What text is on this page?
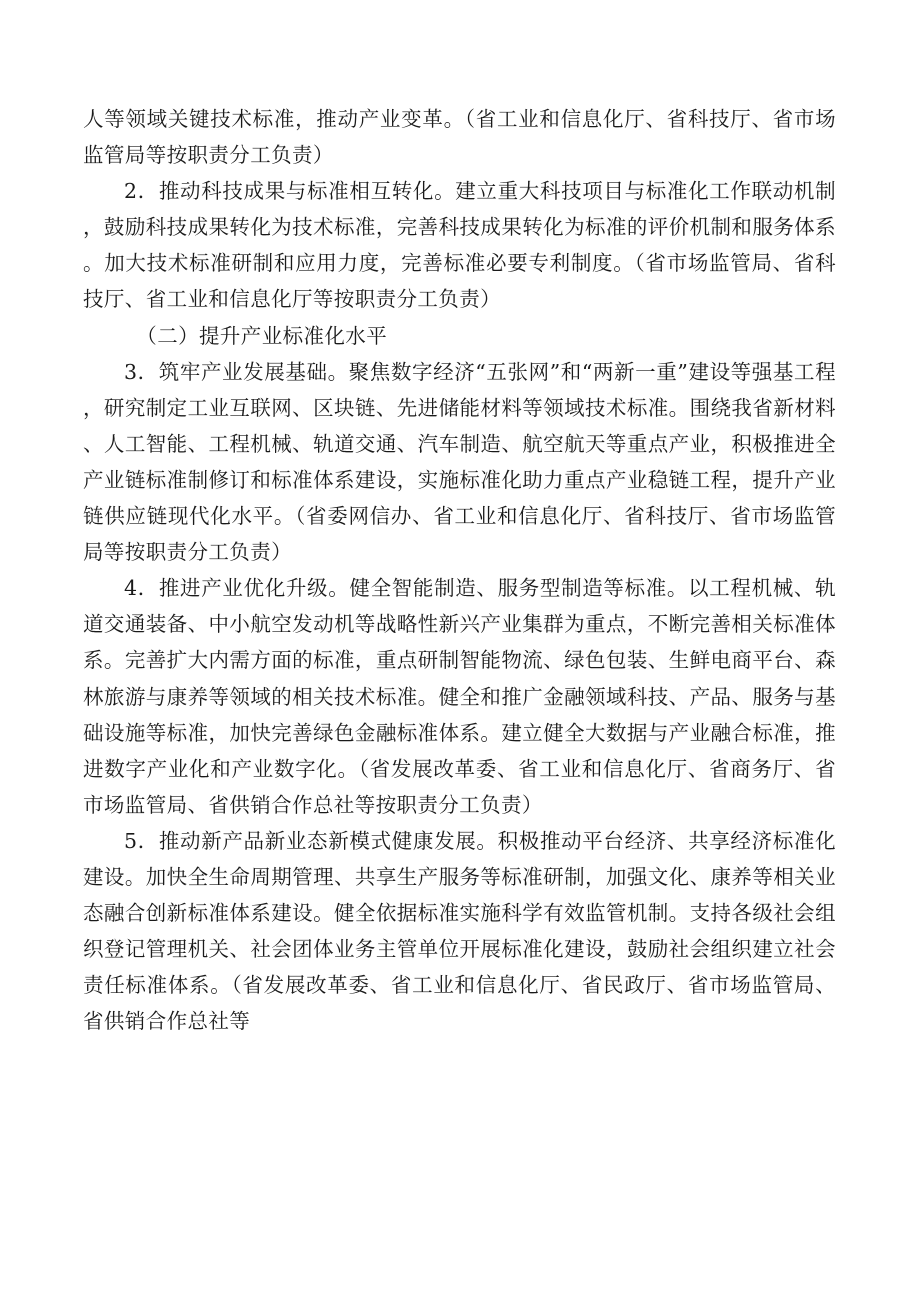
人等领域关键技术标准，推动产业变革。（省工业和信息化厅、省科技厅、省市场监管局等按职责分工负责）

2．推动科技成果与标准相互转化。建立重大科技项目与标准化工作联动机制，鼓励科技成果转化为技术标准，完善科技成果转化为标准的评价机制和服务体系。加大技术标准研制和应用力度，完善标准必要专利制度。（省市场监管局、省科技厅、省工业和信息化厅等按职责分工负责）

（二）提升产业标准化水平

3．筑牢产业发展基础。聚焦数字经济“五张网”和“两新一重”建设等强基工程，研究制定工业互联网、区块链、先进储能材料等领域技术标准。围绕我省新材料、人工智能、工程机械、轨道交通、汽车制造、航空航天等重点产业，积极推进全产业链标准制修订和标准体系建设，实施标准化助力重点产业稳链工程，提升产业链供应链现代化水平。（省委网信办、省工业和信息化厅、省科技厅、省市场监管局等按职责分工负责）

4．推进产业优化升级。健全智能制造、服务型制造等标准。以工程机械、轨道交通装备、中小航空发动机等战略性新兴产业集群为重点，不断完善相关标准体系。完善扩大内需方面的标准，重点研制智能物流、绿色包装、生鲜电商平台、森林旅游与康养等领域的相关技术标准。健全和推广金融领域科技、产品、服务与基础设施等标准，加快完善绿色金融标准体系。建立健全大数据与产业融合标准，推进数字产业化和产业数字化。（省发展改革委、省工业和信息化厅、省商务厅、省市场监管局、省供销合作总社等按职责分工负责）

5．推动新产品新业态新模式健康发展。积极推动平台经济、共享经济标准化建设。加快全生命周期管理、共享生产服务等标准研制，加强文化、康养等相关业态融合创新标准体系建设。健全依据标准实施科学有效监管机制。支持各级社会组织登记管理机关、社会团体业务主管单位开展标准化建设，鼓励社会组织建立社会责任标准体系。（省发展改革委、省工业和信息化厅、省民政厅、省市场监管局、省供销合作总社等
